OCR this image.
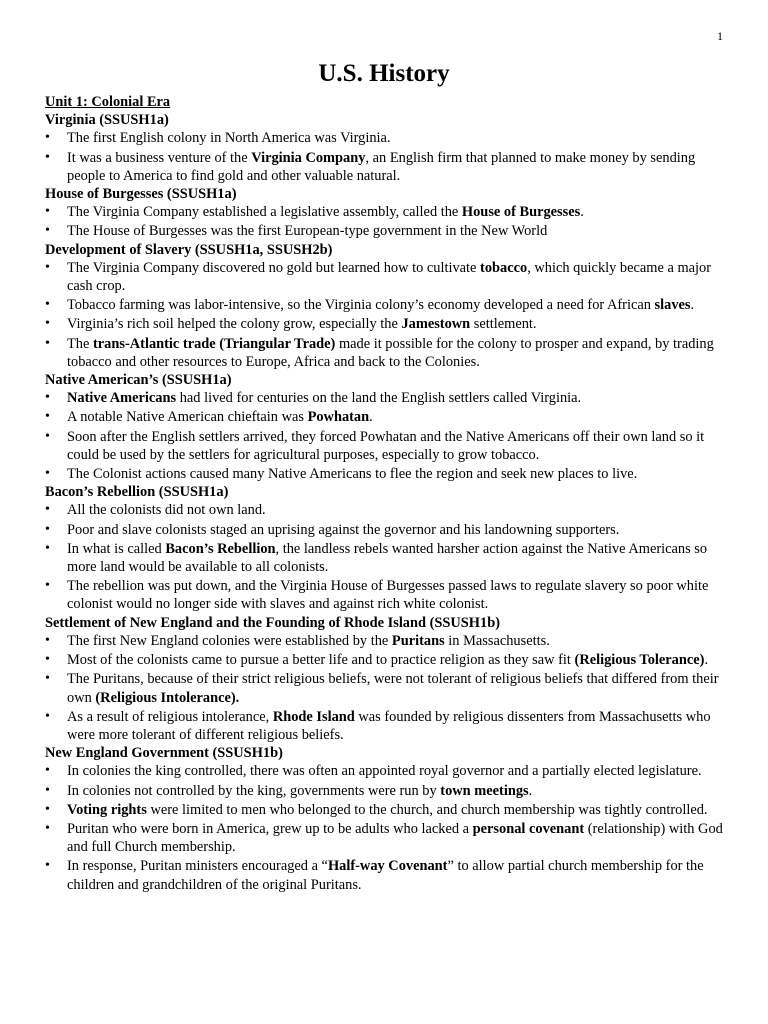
1
U.S. History
Unit 1: Colonial Era
Virginia (SSUSH1a)
• The first English colony in North America was Virginia.
• It was a business venture of the Virginia Company, an English firm that planned to make money by sending people to America to find gold and other valuable natural.
House of Burgesses (SSUSH1a)
• The Virginia Company established a legislative assembly, called the House of Burgesses.
• The House of Burgesses was the first European-type government in the New World
Development of Slavery (SSUSH1a, SSUSH2b)
• The Virginia Company discovered no gold but learned how to cultivate tobacco, which quickly became a major cash crop.
• Tobacco farming was labor-intensive, so the Virginia colony’s economy developed a need for African slaves.
• Virginia’s rich soil helped the colony grow, especially the Jamestown settlement.
• The trans-Atlantic trade (Triangular Trade) made it possible for the colony to prosper and expand, by trading tobacco and other resources to Europe, Africa and back to the Colonies.
Native American’s (SSUSH1a)
• Native Americans had lived for centuries on the land the English settlers called Virginia.
• A notable Native American chieftain was Powhatan.
• Soon after the English settlers arrived, they forced Powhatan and the Native Americans off their own land so it could be used by the settlers for agricultural purposes, especially to grow tobacco.
• The Colonist actions caused many Native Americans to flee the region and seek new places to live.
Bacon’s Rebellion (SSUSH1a)
• All the colonists did not own land.
• Poor and slave colonists staged an uprising against the governor and his landowning supporters.
• In what is called Bacon’s Rebellion, the landless rebels wanted harsher action against the Native Americans so more land would be available to all colonists.
• The rebellion was put down, and the Virginia House of Burgesses passed laws to regulate slavery so poor white colonist would no longer side with slaves and against rich white colonist.
Settlement of New England and the Founding of Rhode Island (SSUSH1b)
• The first New England colonies were established by the Puritans in Massachusetts.
• Most of the colonists came to pursue a better life and to practice religion as they saw fit (Religious Tolerance).
• The Puritans, because of their strict religious beliefs, were not tolerant of religious beliefs that differed from their own (Religious Intolerance).
• As a result of religious intolerance, Rhode Island was founded by religious dissenters from Massachusetts who were more tolerant of different religious beliefs.
New England Government (SSUSH1b)
• In colonies the king controlled, there was often an appointed royal governor and a partially elected legislature.
• In colonies not controlled by the king, governments were run by town meetings.
• Voting rights were limited to men who belonged to the church, and church membership was tightly controlled.
• Puritan who were born in America, grew up to be adults who lacked a personal covenant (relationship) with God and full Church membership.
• In response, Puritan ministers encouraged a “Half-way Covenant” to allow partial church membership for the children and grandchildren of the original Puritans.
